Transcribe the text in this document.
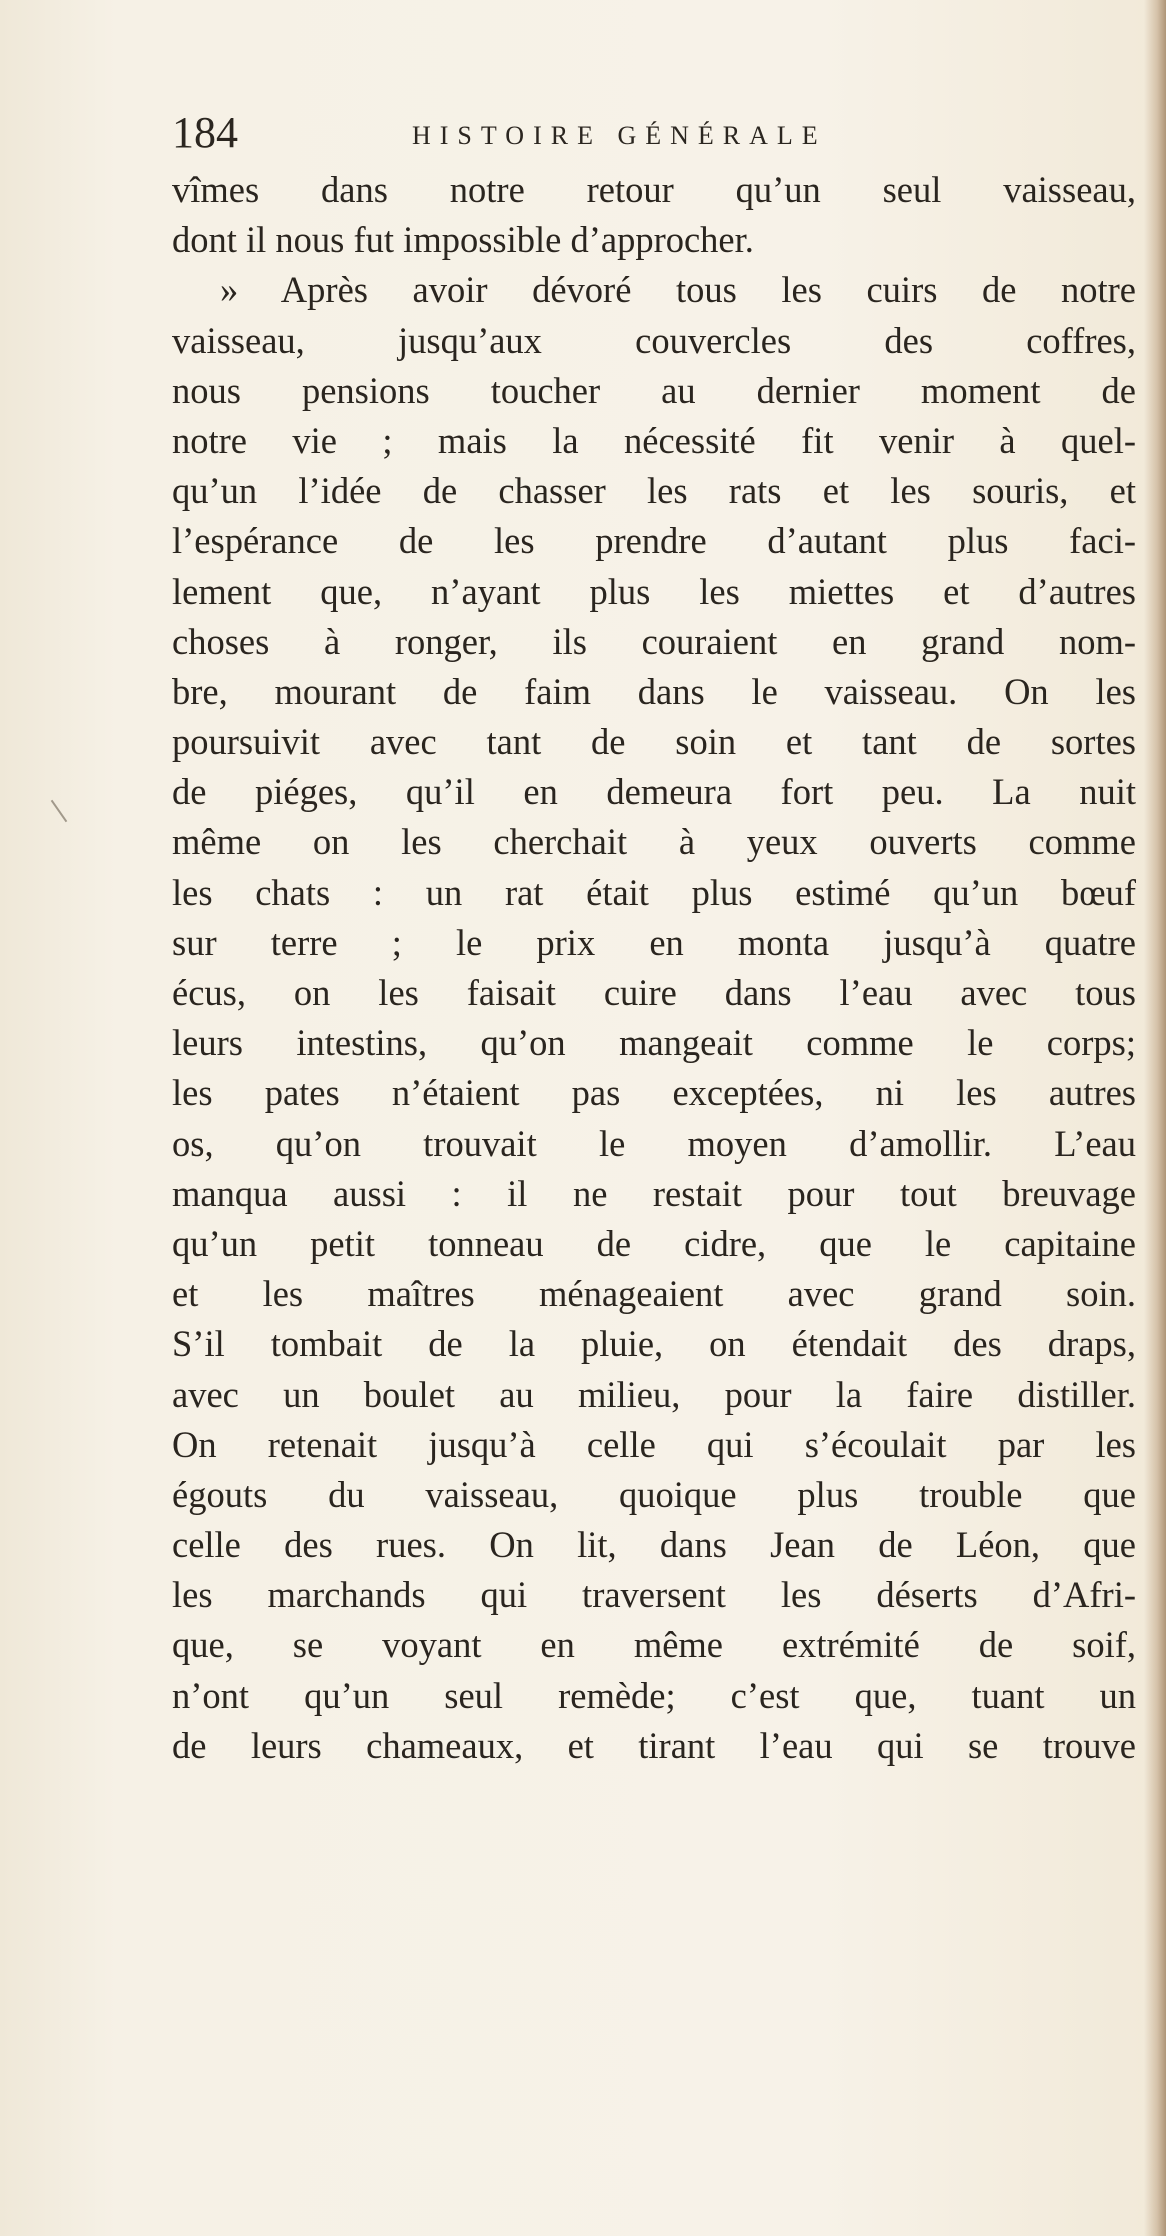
184	HISTOIRE GÉNÉRALE
vîmes dans notre retour qu’un seul vaisseau,
dont il nous fut impossible d’approcher.
» Après avoir dévoré tous les cuirs de notre
vaisseau, jusqu’aux couvercles des coffres,
nous pensions toucher au dernier moment de
notre vie ; mais la nécessité fit venir à quel-
qu’un l’idée de chasser les rats et les souris, et
l’espérance de les prendre d’autant plus faci-
lement que, n’ayant plus les miettes et d’autres
choses à ronger, ils couraient en grand nom-
bre, mourant de faim dans le vaisseau. On les
poursuivit avec tant de soin et tant de sortes
de piéges, qu’il en demeura fort peu. La nuit
même on les cherchait à yeux ouverts comme
les chats : un rat était plus estimé qu’un bœuf
sur terre ; le prix en monta jusqu’à quatre
écus, on les faisait cuire dans l’eau avec tous
leurs intestins, qu’on mangeait comme le corps;
les pates n’étaient pas exceptées, ni les autres
os, qu’on trouvait le moyen d’amollir. L’eau
manqua aussi : il ne restait pour tout breuvage
qu’un petit tonneau de cidre, que le capitaine
et les maîtres ménageaient avec grand soin.
S’il tombait de la pluie, on étendait des draps,
avec un boulet au milieu, pour la faire distiller.
On retenait jusqu’à celle qui s’écoulait par les
égouts du vaisseau, quoique plus trouble que
celle des rues. On lit, dans Jean de Léon, que
les marchands qui traversent les déserts d’Afri-
que, se voyant en même extrémité de soif,
n’ont qu’un seul remède; c’est que, tuant un
de leurs chameaux, et tirant l’eau qui se trouve
